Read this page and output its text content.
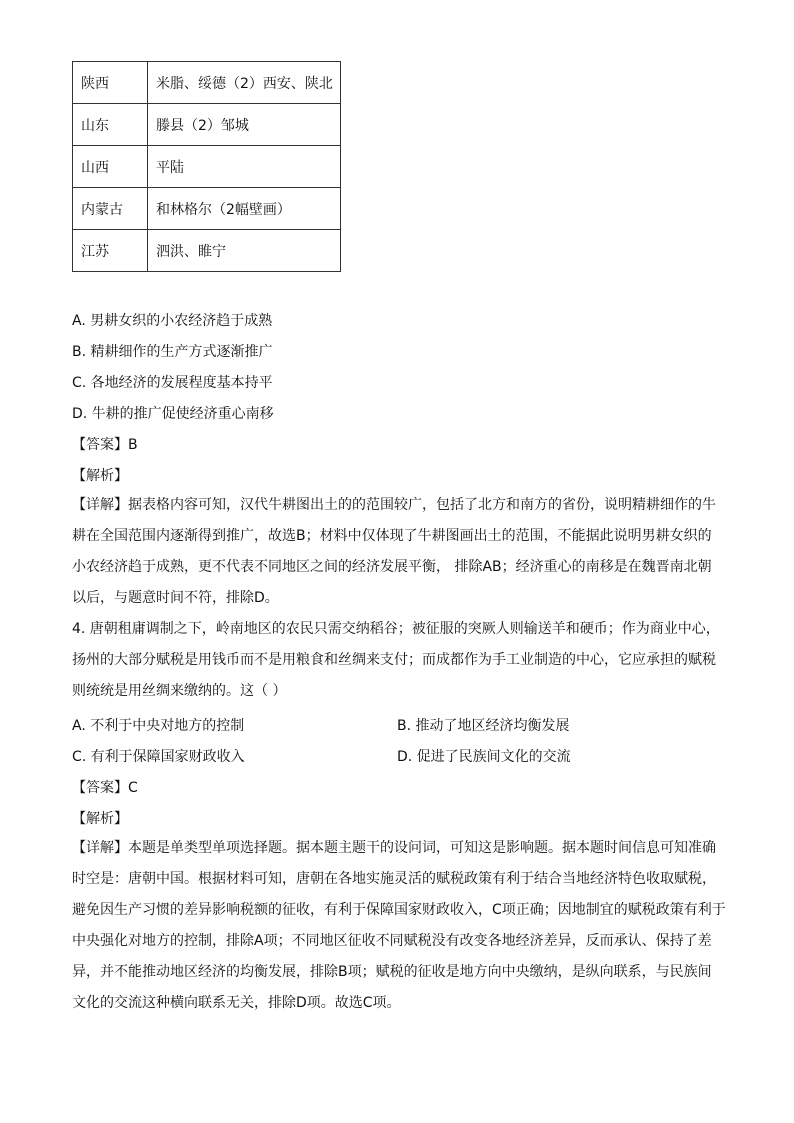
陕西	米脂、绥德（2）西安、陕北
山东	滕县（2）邹城
山西	平陆
内蒙古	和林格尔（2幅壁画）
江苏	泗洪、睢宁
A. 男耕女织的小农经济趋于成熟
B. 精耕细作的生产方式逐渐推广
C. 各地经济的发展程度基本持平
D. 牛耕的推广促使经济重心南移
【答案】B
【解析】
【详解】据表格内容可知，汉代牛耕图出土的的范围较广，包括了北方和南方的省份，说明精耕细作的牛
耕在全国范围内逐渐得到推广，故选B；材料中仅体现了牛耕图画出土的范围，不能据此说明男耕女织的
小农经济趋于成熟，更不代表不同地区之间的经济发展平衡， 排除AB；经济重心的南移是在魏晋南北朝
以后，与题意时间不符，排除D。
4. 唐朝租庸调制之下，岭南地区的农民只需交纳稻谷；被征服的突厥人则输送羊和硬币；作为商业中心，
扬州的大部分赋税是用钱币而不是用粮食和丝绸来支付；而成都作为手工业制造的中心，它应承担的赋税
则统统是用丝绸来缴纳的。这（ ）
A. 不利于中央对地方的控制	B. 推动了地区经济均衡发展
C. 有利于保障国家财政收入	D. 促进了民族间文化的交流
【答案】C
【解析】
【详解】本题是单类型单项选择题。据本题主题干的设问词，可知这是影响题。据本题时间信息可知准确
时空是：唐朝中国。根据材料可知，唐朝在各地实施灵活的赋税政策有利于结合当地经济特色收取赋税，
避免因生产习惯的差异影响税额的征收，有利于保障国家财政收入，C项正确；因地制宜的赋税政策有利于
中央强化对地方的控制，排除A项；不同地区征收不同赋税没有改变各地经济差异，反而承认、保持了差
异，并不能推动地区经济的均衡发展，排除B项；赋税的征收是地方向中央缴纳，是纵向联系，与民族间
文化的交流这种横向联系无关，排除D项。故选C项。
